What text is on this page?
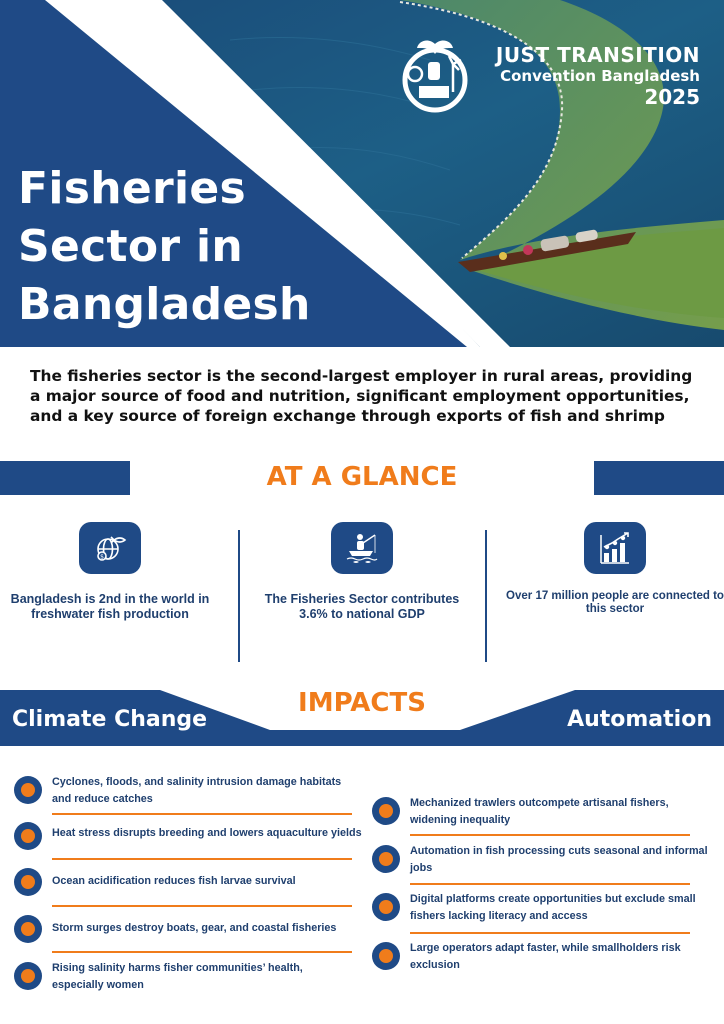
Fisheries
Sector in
Bangladesh
JUST TRANSITION
Convention Bangladesh
2025

The fisheries sector is the second-largest employer in rural areas, providing a major source of food and nutrition, significant employment opportunities, and a key source of foreign exchange through exports of fish and shrimp

AT A GLANCE
$
Bangladesh is 2nd in the world in freshwater fish production
The Fisheries Sector contributes 3.6% to national GDP
Over 17 million people are connected to this sector
IMPACTS
Climate Change	Automation
Cyclones, floods, and salinity intrusion damage habitats and reduce catches
Heat stress disrupts breeding and lowers aquaculture yields
Ocean acidification reduces fish larvae survival
Storm surges destroy boats, gear, and coastal fisheries
Rising salinity harms fisher communities’ health, especially women
Mechanized trawlers outcompete artisanal fishers, widening inequality
Automation in fish processing cuts seasonal and informal jobs
Digital platforms create opportunities but exclude small fishers lacking literacy and access
Large operators adapt faster, while smallholders risk exclusion
